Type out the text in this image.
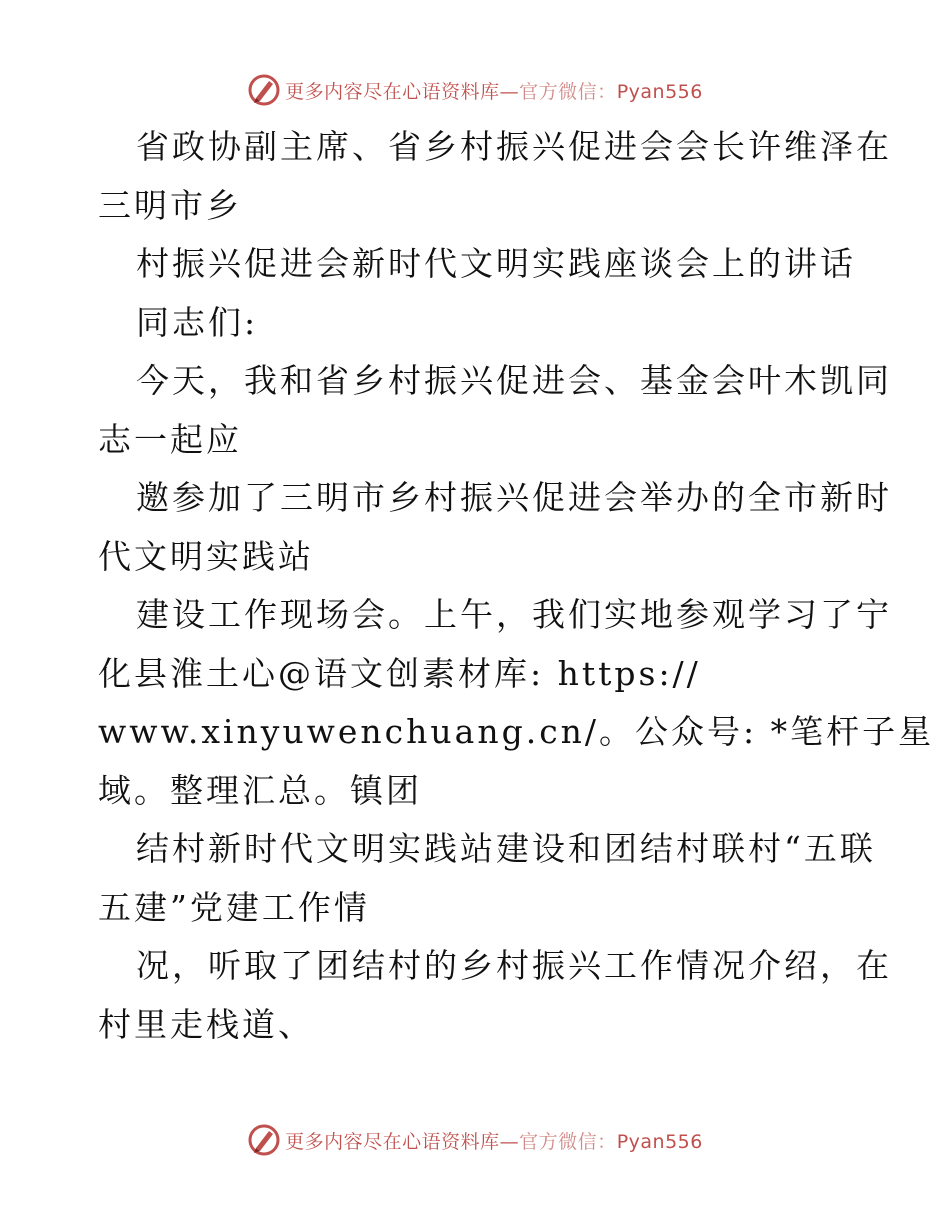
更多内容尽在心语资料库—官方微信：Pyan556
省政协副主席、省乡村振兴促进会会长许维泽在
三明市乡
村振兴促进会新时代文明实践座谈会上的讲话
同志们:
今天，我和省乡村振兴促进会、基金会叶木凯同
志一起应
邀参加了三明市乡村振兴促进会举办的全市新时
代文明实践站
建设工作现场会。上午，我们实地参观学习了宁
化县淮土心@语文创素材库: https://
www.xinyuwenchuang.cn/。公众号: *笔杆子星
域。整理汇总。镇团
结村新时代文明实践站建设和团结村联村“五联
五建”党建工作情
况，听取了团结村的乡村振兴工作情况介绍，在
村里走栈道、
更多内容尽在心语资料库—官方微信：Pyan556
